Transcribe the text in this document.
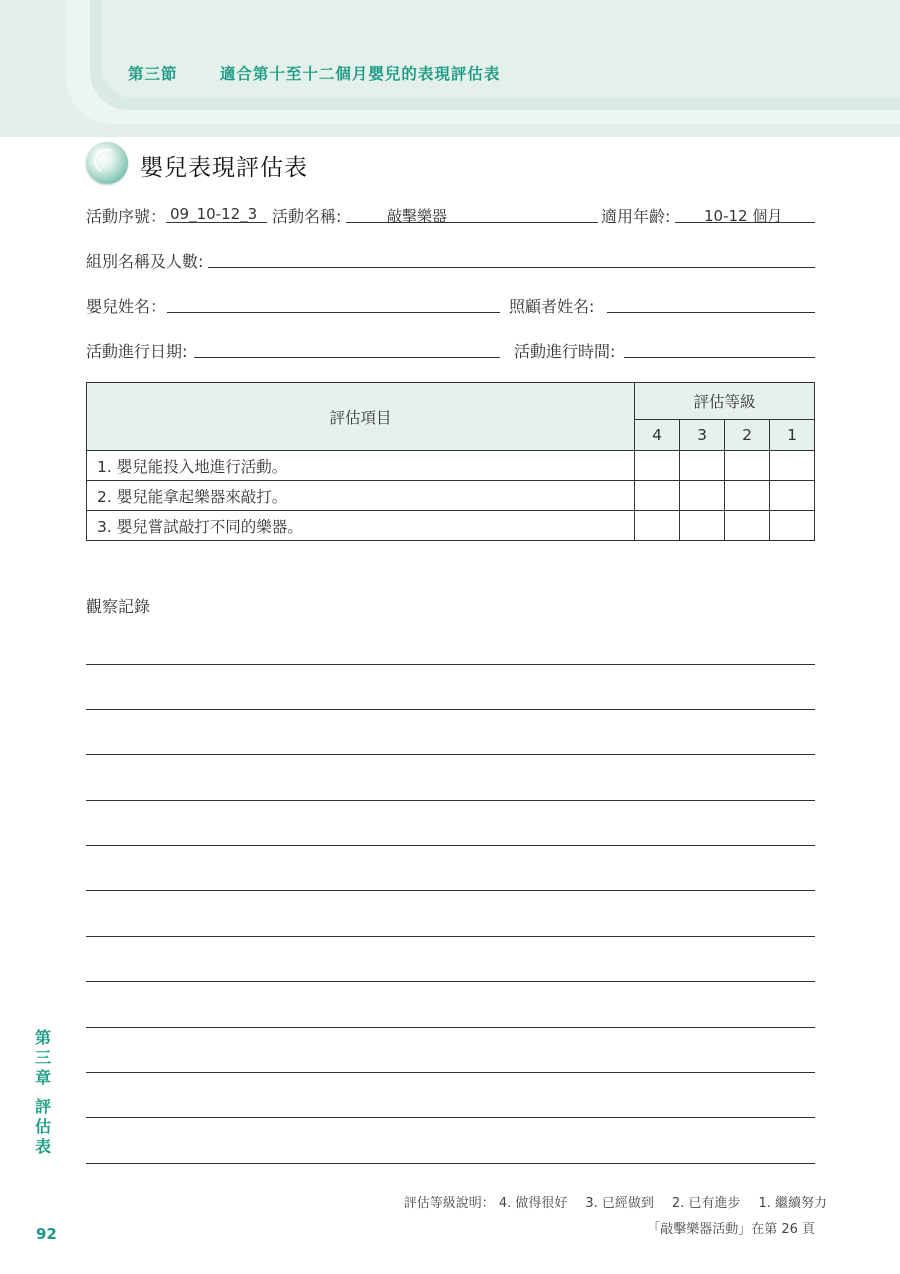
第三節	適合第十至十二個月嬰兒的表現評估表
嬰兒表現評估表
活動序號： 09_10-12_3 活動名稱:	敲擊樂器	適用年齡: 10-12 個月
組別名稱及人數:
嬰兒姓名：	照顧者姓名:
活動進行日期:	活動進行時間:
評估項目	評估等級			
	4	3	2	1
1. 嬰兒能投入地進行活動。				
2. 嬰兒能拿起樂器來敲打。				
3. 嬰兒嘗試敲打不同的樂器。				
觀察記錄
第
三
章
評
估
表
92
評估等級說明： 4. 做得很好 3. 已經做到 2. 已有進步 1. 繼續努力
「敲擊樂器活動」在第 26 頁
